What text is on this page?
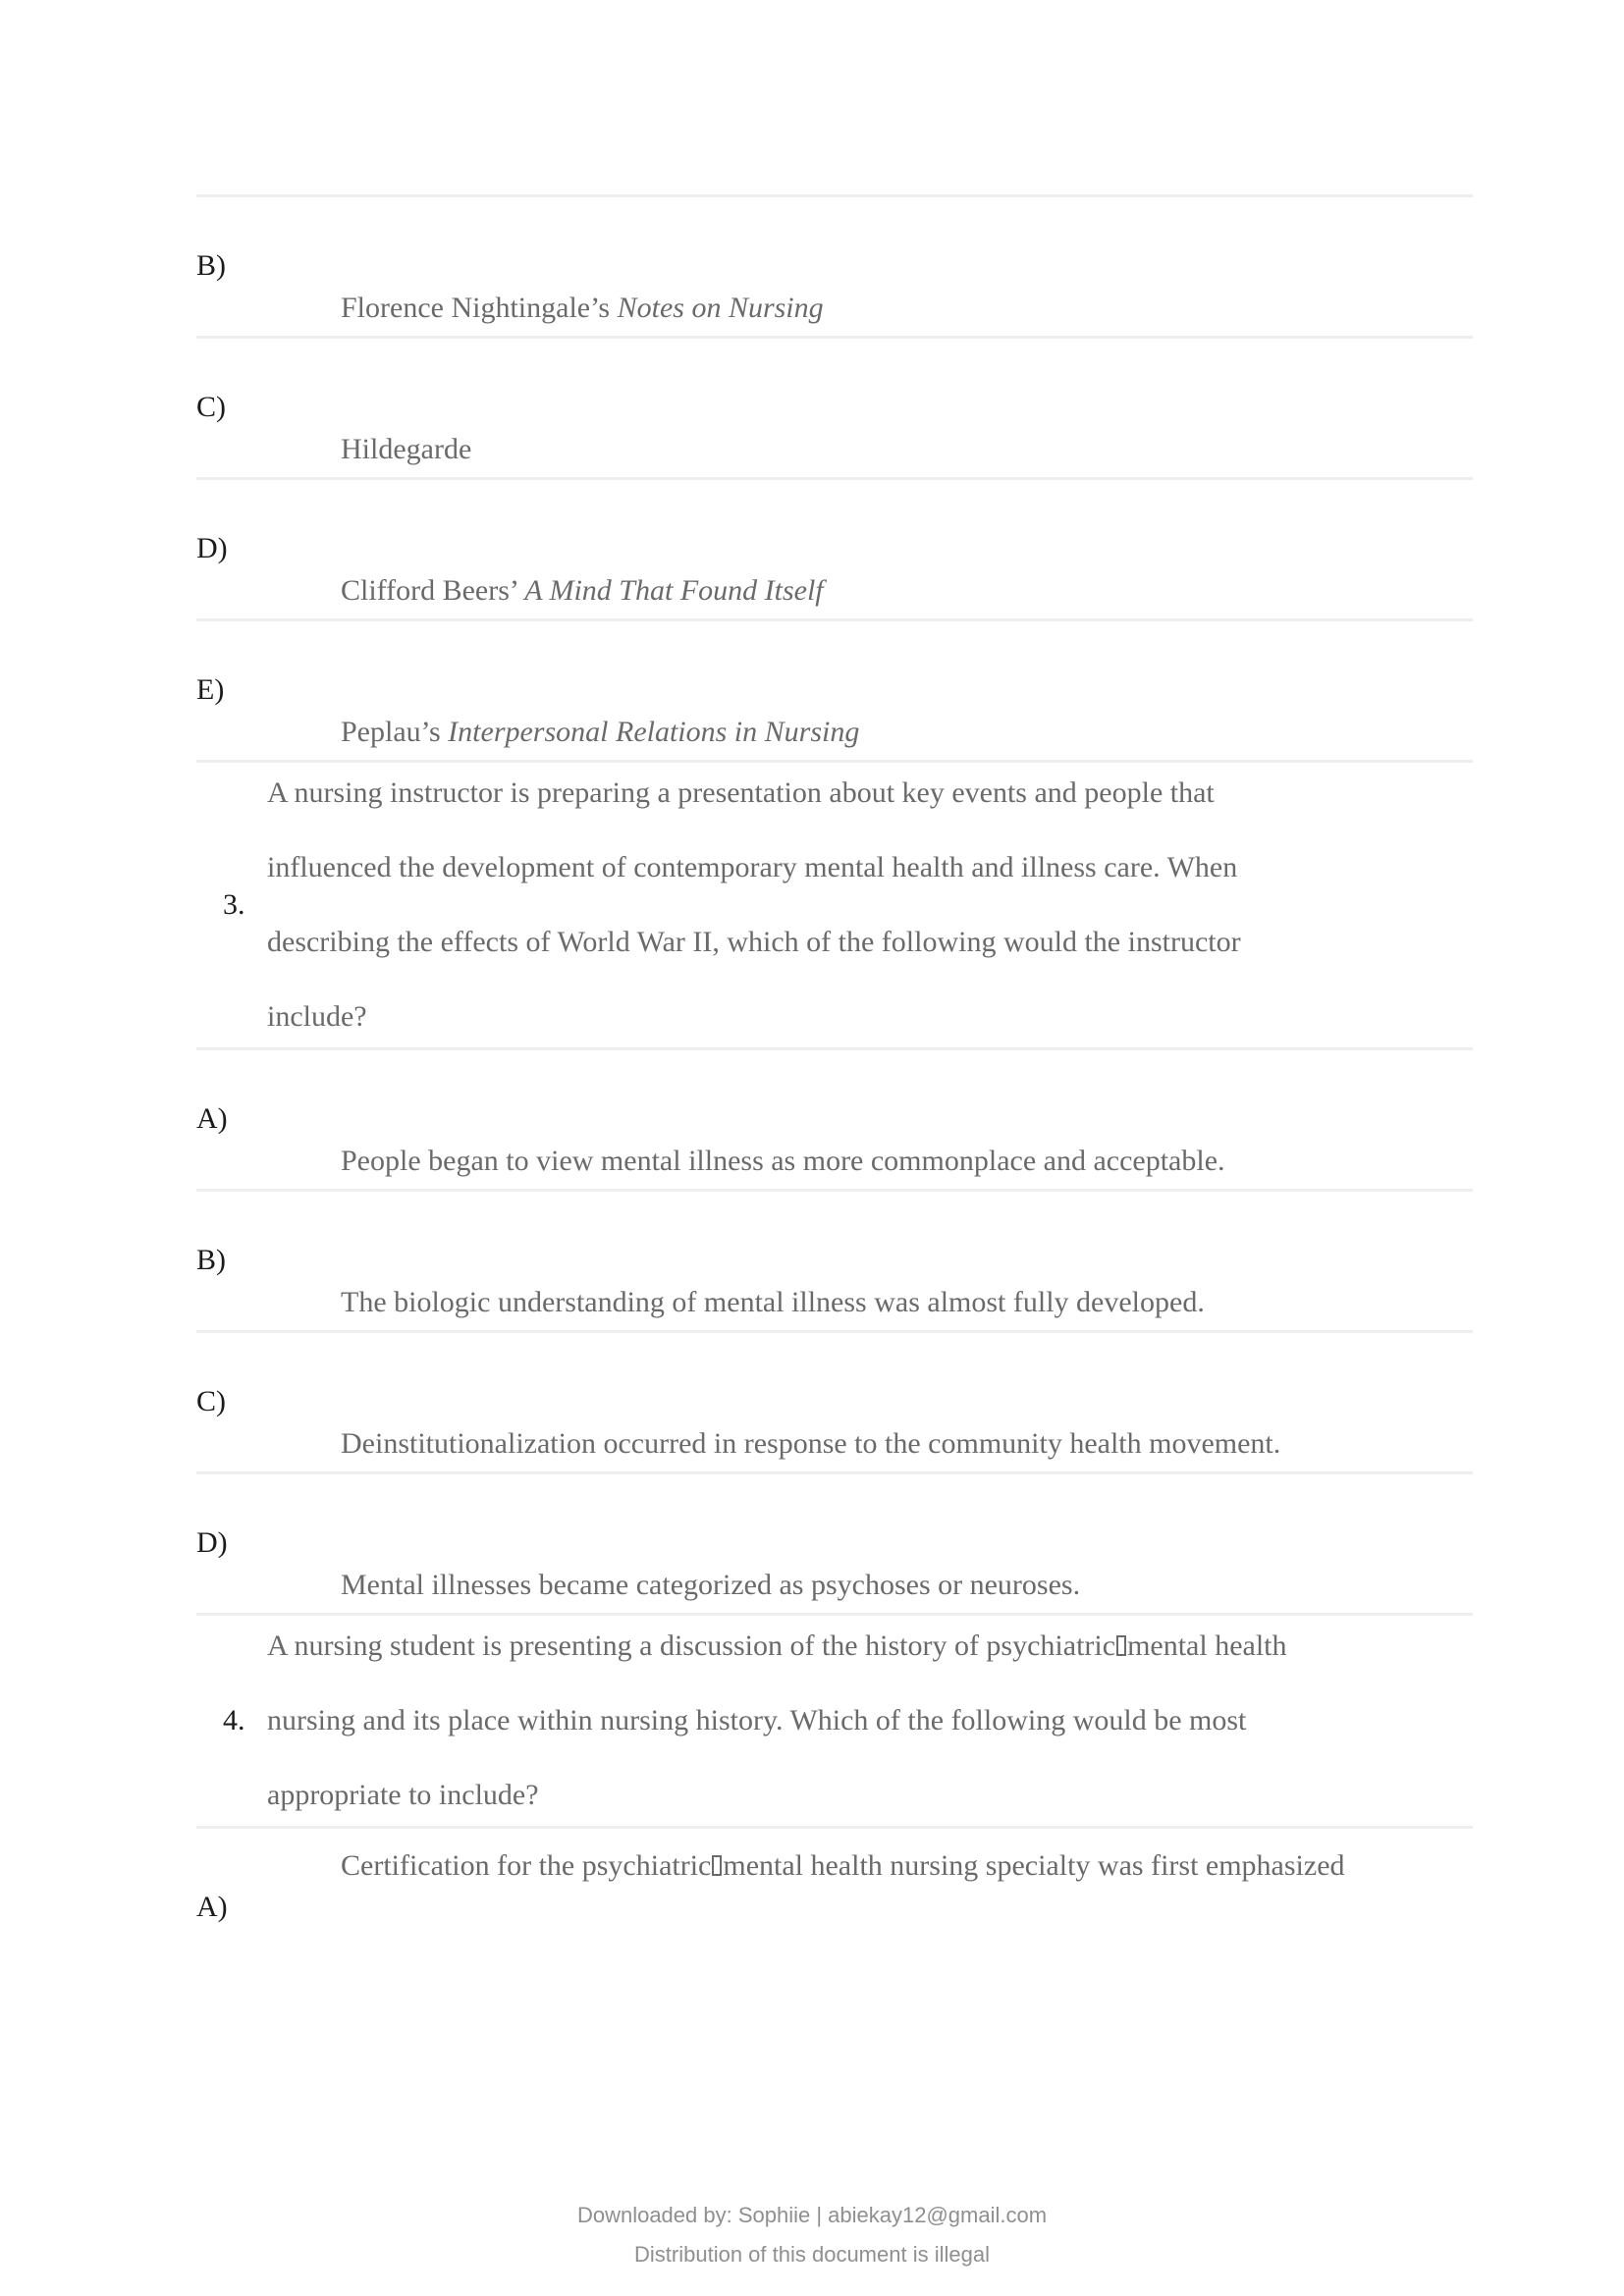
B)
Florence Nightingale’s Notes on Nursing
C)
Hildegarde
D)
Clifford Beers’ A Mind That Found Itself
E)
Peplau’s Interpersonal Relations in Nursing
3.
A nursing instructor is preparing a presentation about key events and people that
influenced the development of contemporary mental health and illness care. When
describing the effects of World War II, which of the following would the instructor
include?
A)
People began to view mental illness as more commonplace and acceptable.
B)
The biologic understanding of mental illness was almost fully developed.
C)
Deinstitutionalization occurred in response to the community health movement.
D)
Mental illnesses became categorized as psychoses or neuroses.
4.
A nursing student is presenting a discussion of the history of psychiatric mental health
nursing and its place within nursing history. Which of the following would be most
appropriate to include?
Certification for the psychiatric mental health nursing specialty was first emphasized
A)
Downloaded by: Sophiie | abiekay12@gmail.com
Distribution of this document is illegal
